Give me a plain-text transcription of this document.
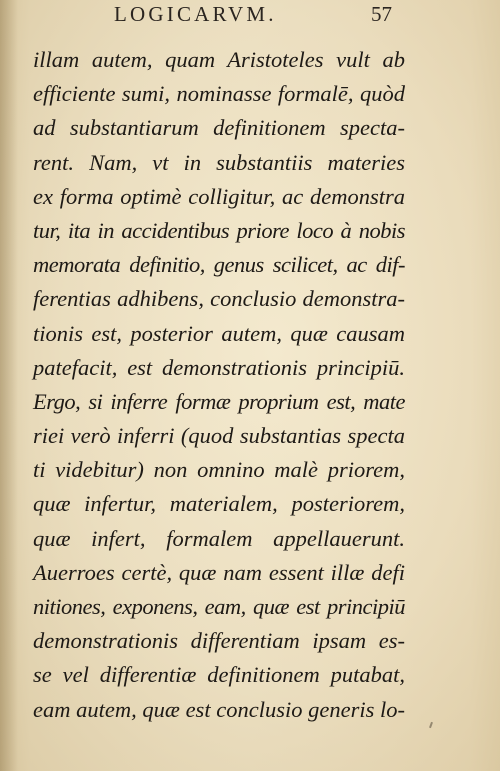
LOGICARVM.	57
illam autem, quam Aristoteles vult ab
efficiente sumi, nominasse formalē, quòd
ad substantiarum definitionem specta-
rent. Nam, vt in substantiis materies
ex forma optimè colligitur, ac demonstra
tur, ita in accidentibus priore loco à nobis
memorata definitio, genus scilicet, ac dif-
ferentias adhibens, conclusio demonstra-
tionis est, posterior autem, quæ causam
patefacit, est demonstrationis principiū.
Ergo, si inferre formæ proprium est, mate
riei verò inferri (quod substantias specta
ti videbitur) non omnino malè priorem,
quæ infertur, materialem, posteriorem,
quæ infert, formalem appellauerunt.
Auerroes certè, quæ nam essent illæ defi
nitiones, exponens, eam, quæ est principiū
demonstrationis differentiam ipsam es-
se vel differentiæ definitionem putabat,
eam autem, quæ est conclusio generis lo-
